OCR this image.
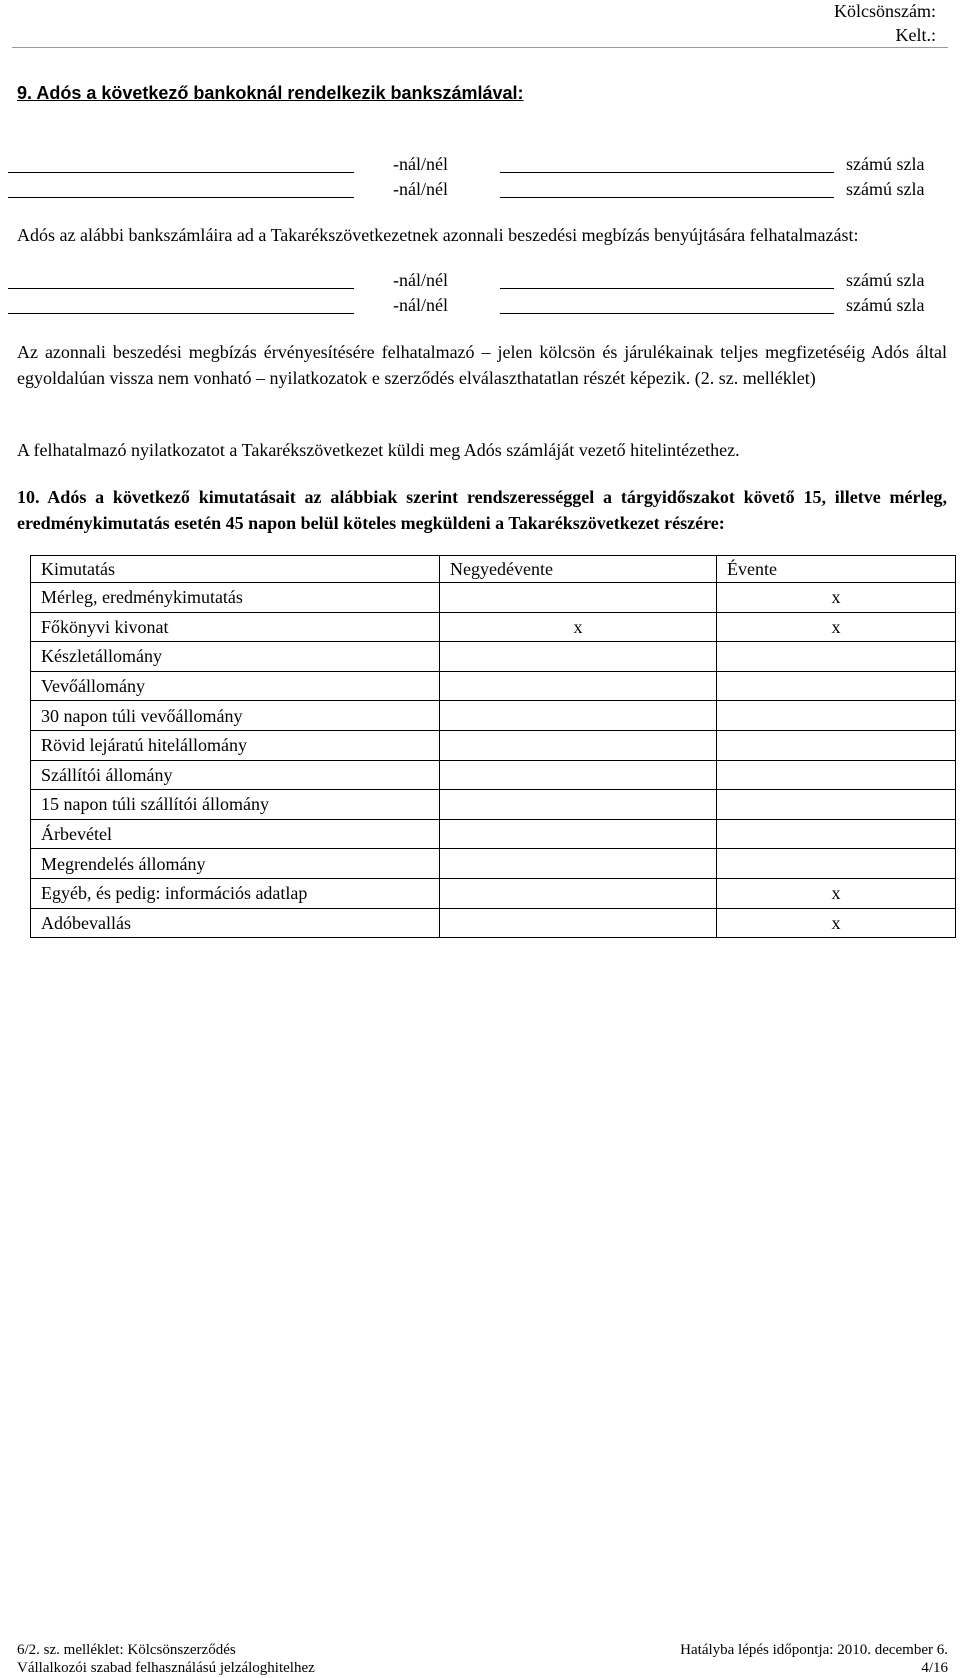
Kölcsönszám:
Kelt.:
9. Adós a következő bankoknál rendelkezik bankszámlával:
-nál/nél	számú szla
-nál/nél	számú szla
Adós az alábbi bankszámláira ad a Takarékszövetkezetnek azonnali beszedési megbízás benyújtására felhatalmazást:
-nál/nél	számú szla
-nál/nél	számú szla
Az azonnali beszedési megbízás érvényesítésére felhatalmazó – jelen kölcsön és járulékainak teljes megfizetéséig Adós által egyoldalúan vissza nem vonható – nyilatkozatok e szerződés elválaszthatatlan részét képezik. (2. sz. melléklet)
A felhatalmazó nyilatkozatot a Takarékszövetkezet küldi meg Adós számláját vezető hitelintézethez.
10. Adós a következő kimutatásait az alábbiak szerint rendszerességgel a tárgyidőszakot követő 15, illetve mérleg, eredménykimutatás esetén 45 napon belül köteles megküldeni a Takarékszövetkezet részére:
Kimutatás	Negyedévente	Évente
Mérleg, eredménykimutatás		x
Főkönyvi kivonat	x	x
Készletállomány		
Vevőállomány		
30 napon túli vevőállomány		
Rövid lejáratú hitelállomány		
Szállítói állomány		
15 napon túli szállítói állomány		
Árbevétel		
Megrendelés állomány		
Egyéb, és pedig: információs adatlap		x
Adóbevallás		x
6/2. sz. melléklet: Kölcsönszerződés
Vállalkozói szabad felhasználású jelzáloghitelhez
Hatályba lépés időpontja: 2010. december 6.
4/16
